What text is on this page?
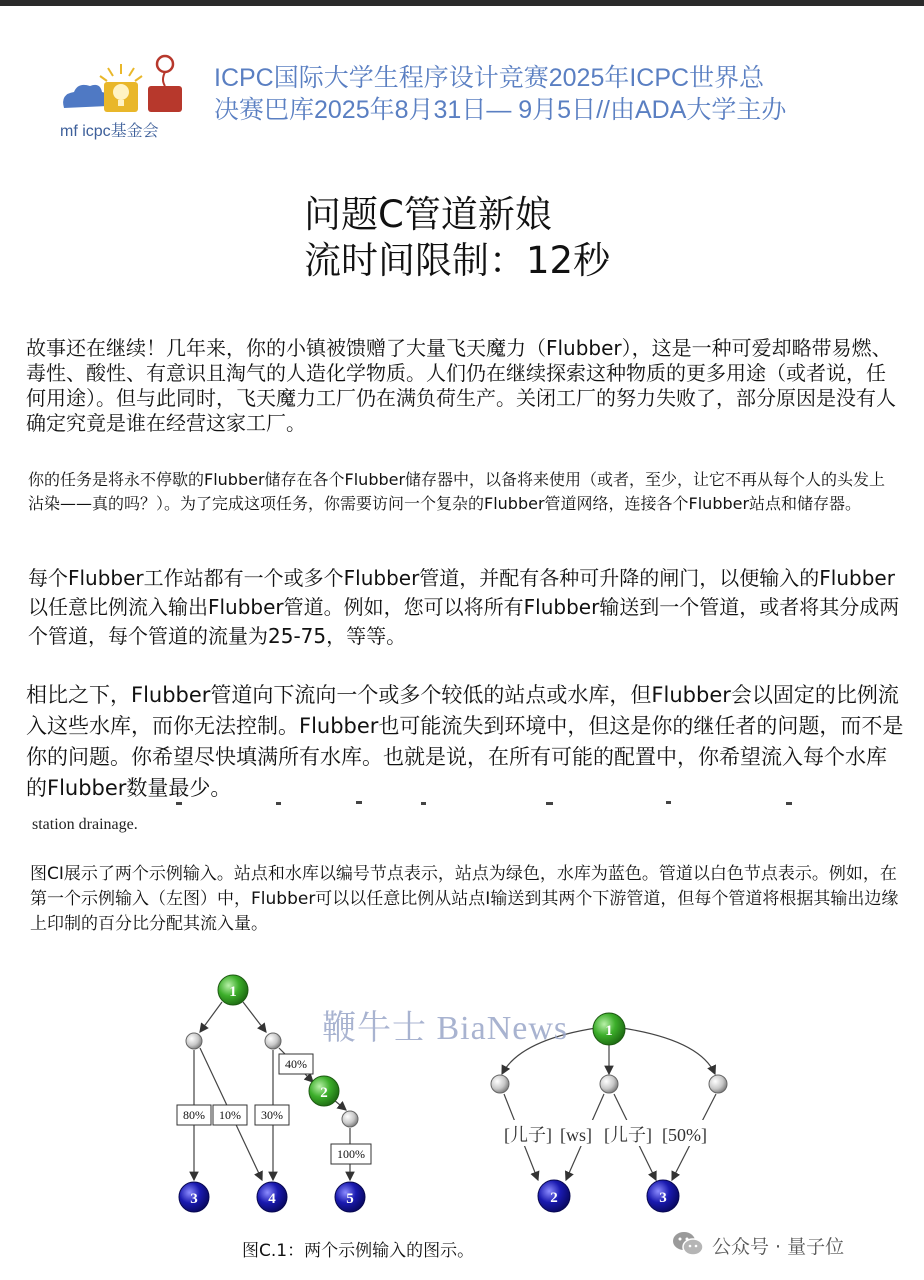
mf icpc基金会
ICPC国际大学生程序设计竞赛2025年ICPC世界总
决赛巴库2025年8月31日— 9月5日//由ADA大学主办
问题C管道新娘
流时间限制：12秒
故事还在继续！几年来，你的小镇被馈赠了大量飞天魔力（Flubber），这是一种可爱却略带易燃、毒性、酸性、有意识且淘气的人造化学物质。人们仍在继续探索这种物质的更多用途（或者说，任何用途）。但与此同时，飞天魔力工厂仍在满负荷生产。关闭工厂的努力失败了，部分原因是没有人确定究竟是谁在经营这家工厂。
你的任务是将永不停歇的Flubber储存在各个Flubber储存器中，以备将来使用（或者，至少，让它不再从每个人的头发上沾染——真的吗？）。为了完成这项任务，你需要访问一个复杂的Flubber管道网络，连接各个Flubber站点和储存器。
每个Flubber工作站都有一个或多个Flubber管道，并配有各种可升降的闸门，以便输入的Flubber以任意比例流入输出Flubber管道。例如，您可以将所有Flubber输送到一个管道，或者将其分成两个管道，每个管道的流量为25-75，等等。
相比之下，Flubber管道向下流向一个或多个较低的站点或水库，但Flubber会以固定的比例流入这些水库，而你无法控制。Flubber也可能流失到环境中，但这是你的继任者的问题，而不是你的问题。你希望尽快填满所有水库。也就是说，在所有可能的配置中，你希望流入每个水库的Flubber数量最少。
station drainage.
图CI展示了两个示例输入。站点和水库以编号节点表示，站点为绿色，水库为蓝色。管道以白色节点表示。例如，在第一个示例输入（左图）中，Flubber可以以任意比例从站点I输送到其两个下游管道，但每个管道将根据其输出边缘上印制的百分比分配其流入量。
80% 10% 30%
40%
100%
1
2
3	4	5
[儿子] [ws] [儿子] [50%]
1
2	3
鞭牛士 BiaNews
图C.1：两个示例输入的图示。	公众号 · 量子位
